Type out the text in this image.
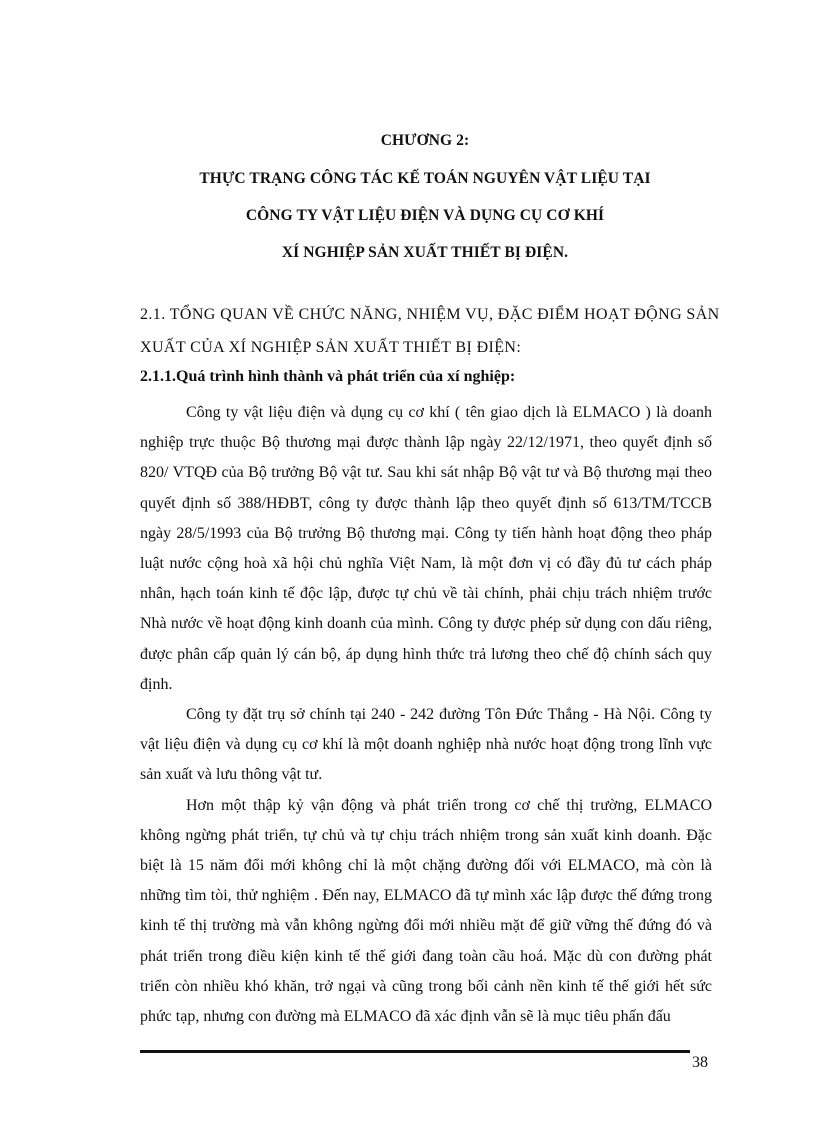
CHƯƠNG 2:
THỰC TRẠNG CÔNG TÁC KẾ TOÁN NGUYÊN VẬT LIỆU TẠI
CÔNG TY VẬT LIỆU ĐIỆN VÀ DỤNG CỤ CƠ KHÍ
XÍ NGHIỆP SẢN XUẤT THIẾT BỊ ĐIỆN.
2.1. TỔNG QUAN VỀ CHỨC NĂNG, NHIỆM VỤ, ĐẶC ĐIỂM HOẠT ĐỘNG SẢN
XUẤT CỦA XÍ NGHIỆP SẢN XUẤT THIẾT BỊ ĐIỆN:
2.1.1.Quá trình hình thành và phát triển của xí nghiệp:

Công ty vật liệu điện và dụng cụ cơ khí ( tên giao dịch là ELMACO ) là doanh nghiệp trực thuộc Bộ thương mại được thành lập ngày 22/12/1971, theo quyết định số 820/ VTQĐ của Bộ trưởng Bộ vật tư. Sau khi sát nhập Bộ vật tư và Bộ thương mại theo quyết định số 388/HĐBT, công ty được thành lập theo quyết định số 613/TM/TCCB ngày 28/5/1993 của Bộ trưởng Bộ thương mại. Công ty tiến hành hoạt động theo pháp luật nước cộng hoà xã hội chủ nghĩa Việt Nam, là một đơn vị có đầy đủ tư cách pháp nhân, hạch toán kinh tế độc lập, được tự chủ về tài chính, phải chịu trách nhiệm trước Nhà nước về hoạt động kinh doanh của mình. Công ty được phép sử dụng con dấu riêng, được phân cấp quản lý cán bộ, áp dụng hình thức trả lương theo chế độ chính sách quy định.

Công ty đặt trụ sở chính tại 240 - 242 đường Tôn Đức Thắng - Hà Nội. Công ty vật liệu điện và dụng cụ cơ khí là một doanh nghiệp nhà nước hoạt động trong lĩnh vực sản xuất và lưu thông vật tư.

Hơn một thập kỷ vận động và phát triển trong cơ chế thị trường, ELMACO không ngừng phát triển, tự chủ và tự chịu trách nhiệm trong sản xuất kinh doanh. Đặc biệt là 15 năm đổi mới không chỉ là một chặng đường đối với ELMACO, mà còn là những tìm tòi, thử nghiệm . Đến nay, ELMACO đã tự mình xác lập được thế đứng trong kinh tế thị trường mà vẫn không ngừng đổi mới nhiều mặt để giữ vững thế đứng đó và phát triển trong điều kiện kinh tế thế giới đang toàn cầu hoá. Mặc dù con đường phát triển còn nhiều khó khăn, trở ngại và cũng trong bối cảnh nền kinh tế thế giới hết sức phức tạp, nhưng con đường mà ELMACO đã xác định vẫn sẽ là mục tiêu phấn đấu

38
